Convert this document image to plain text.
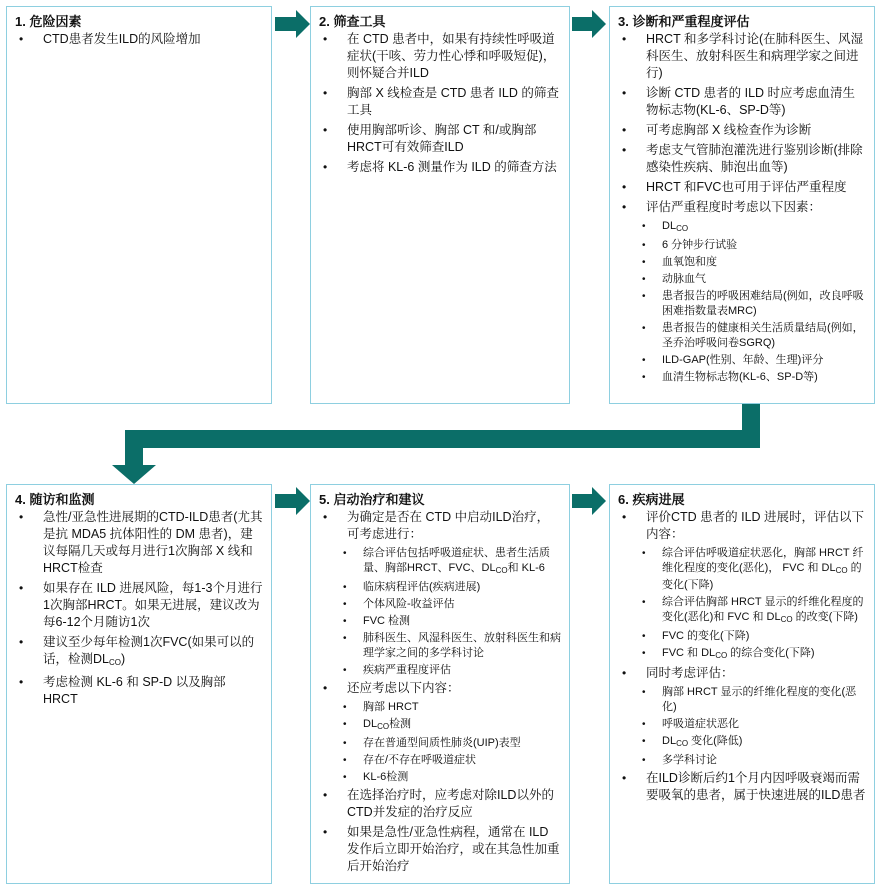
1. 危险因素
• CTD患者发生ILD的风险增加
2. 筛查工具
• 在 CTD 患者中，如果有持续性呼吸道症状(干咳、劳力性心悸和呼吸短促)，则怀疑合并ILD
• 胸部 X 线检查是 CTD 患者 ILD 的筛查工具
• 使用胸部听诊、胸部 CT 和/或胸部 HRCT可有效筛查ILD
• 考虑将 KL-6 测量作为 ILD 的筛查方法
3. 诊断和严重程度评估
• HRCT 和多学科讨论(在肺科医生、风湿科医生、放射科医生和病理学家之间进行)
• 诊断 CTD 患者的 ILD 时应考虑血清生物标志物(KL-6、SP-D等)
• 可考虑胸部 X 线检查作为诊断
• 考虑支气管肺泡灌洗进行鉴别诊断(排除感染性疾病、肺泡出血等)
• HRCT 和FVC也可用于评估严重程度
• 评估严重程度时考虑以下因素：
• $DL_{CO}$
• 6 分钟步行试验
• 血氧饱和度
• 动脉血气
• 患者报告的呼吸困难结局(例如，改良呼吸困难指数量表MRC)
• 患者报告的健康相关生活质量结局(例如，圣乔治呼吸问卷SGRQ)
• ILD-GAP(性别、年龄、生理)评分
• 血清生物标志物(KL-6、SP-D等)
4. 随访和监测
• 急性/亚急性进展期的CTD-ILD患者(尤其是抗 MDA5 抗体阳性的 DM 患者)，建议每隔几天或每月进行1次胸部 X 线和 HRCT检查
• 如果存在 ILD 进展风险，每1-3个月进行1次胸部HRCT。如果无进展，建议改为每6-12个月随访1次
• 建议至少每年检测1次FVC(如果可以的话，检测$DL_{CO}$)
• 考虑检测 KL-6 和 SP-D 以及胸部 HRCT
5. 启动治疗和建议
• 为确定是否在 CTD 中启动ILD治疗，可考虑进行：
• 综合评估包括呼吸道症状、患者生活质量、胸部HRCT、FVC、$DL_{CO}$和 KL-6
• 临床病程评估(疾病进展)
• 个体风险-收益评估
• FVC 检测
• 肺科医生、风湿科医生、放射科医生和病理学家之间的多学科讨论
• 疾病严重程度评估
• 还应考虑以下内容：
• 胸部 HRCT
• $DL_{CO}$检测
• 存在普通型间质性肺炎(UIP)表型
• 存在/不存在呼吸道症状
• KL-6检测
• 在选择治疗时，应考虑对除ILD以外的CTD并发症的治疗反应
• 如果是急性/亚急性病程，通常在 ILD 发作后立即开始治疗，或在其急性加重后开始治疗
6. 疾病进展
• 评价CTD 患者的 ILD 进展时，评估以下内容：
• 综合评估呼吸道症状恶化，胸部 HRCT 纤维化程度的变化(恶化)， FVC 和 $DL_{CO}$ 的变化(下降)
• 综合评估胸部 HRCT 显示的纤维化程度的变化(恶化)和 FVC 和 $DL_{CO}$ 的改变(下降)
• FVC 的变化(下降)
• FVC 和 $DL_{CO}$ 的综合变化(下降)
• 同时考虑评估：
• 胸部 HRCT 显示的纤维化程度的变化(恶化)
• 呼吸道症状恶化
• $DL_{CO}$ 变化(降低)
• 多学科讨论
• 在ILD诊断后约1个月内因呼吸衰竭而需要吸氧的患者，属于快速进展的ILD患者
